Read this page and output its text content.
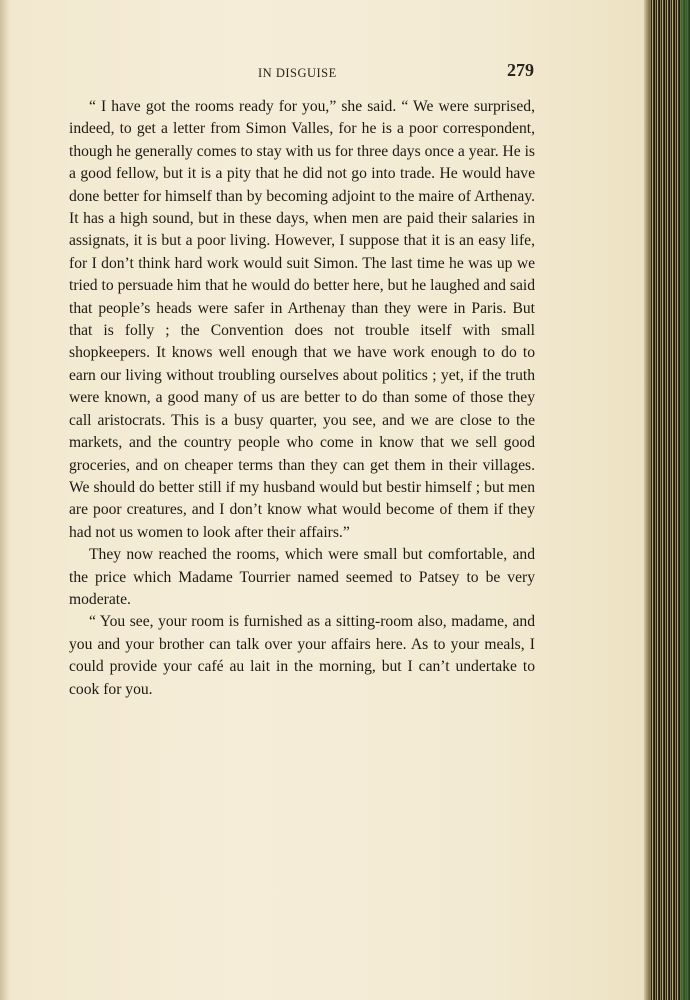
IN DISGUISE	279

“ I have got the rooms ready for you,” she said. “ We were surprised, indeed, to get a letter from Simon Valles, for he is a poor correspondent, though he generally comes to stay with us for three days once a year. He is a good fellow, but it is a pity that he did not go into trade. He would have done better for himself than by becoming adjoint to the maire of Arthenay. It has a high sound, but in these days, when men are paid their salaries in assignats, it is but a poor living. However, I suppose that it is an easy life, for I don’t think hard work would suit Simon. The last time he was up we tried to persuade him that he would do better here, but he laughed and said that people’s heads were safer in Arthenay than they were in Paris. But that is folly ; the Convention does not trouble itself with small shopkeepers. It knows well enough that we have work enough to do to earn our living without troubling ourselves about politics ; yet, if the truth were known, a good many of us are better to do than some of those they call aristocrats. This is a busy quarter, you see, and we are close to the markets, and the country people who come in know that we sell good groceries, and on cheaper terms than they can get them in their villages. We should do better still if my husband would but bestir himself ; but men are poor creatures, and I don’t know what would become of them if they had not us women to look after their affairs.”

They now reached the rooms, which were small but comfortable, and the price which Madame Tourrier named seemed to Patsey to be very moderate.

“ You see, your room is furnished as a sitting-room also, madame, and you and your brother can talk over your affairs here. As to your meals, I could provide your café au lait in the morning, but I can’t undertake to cook for you.
